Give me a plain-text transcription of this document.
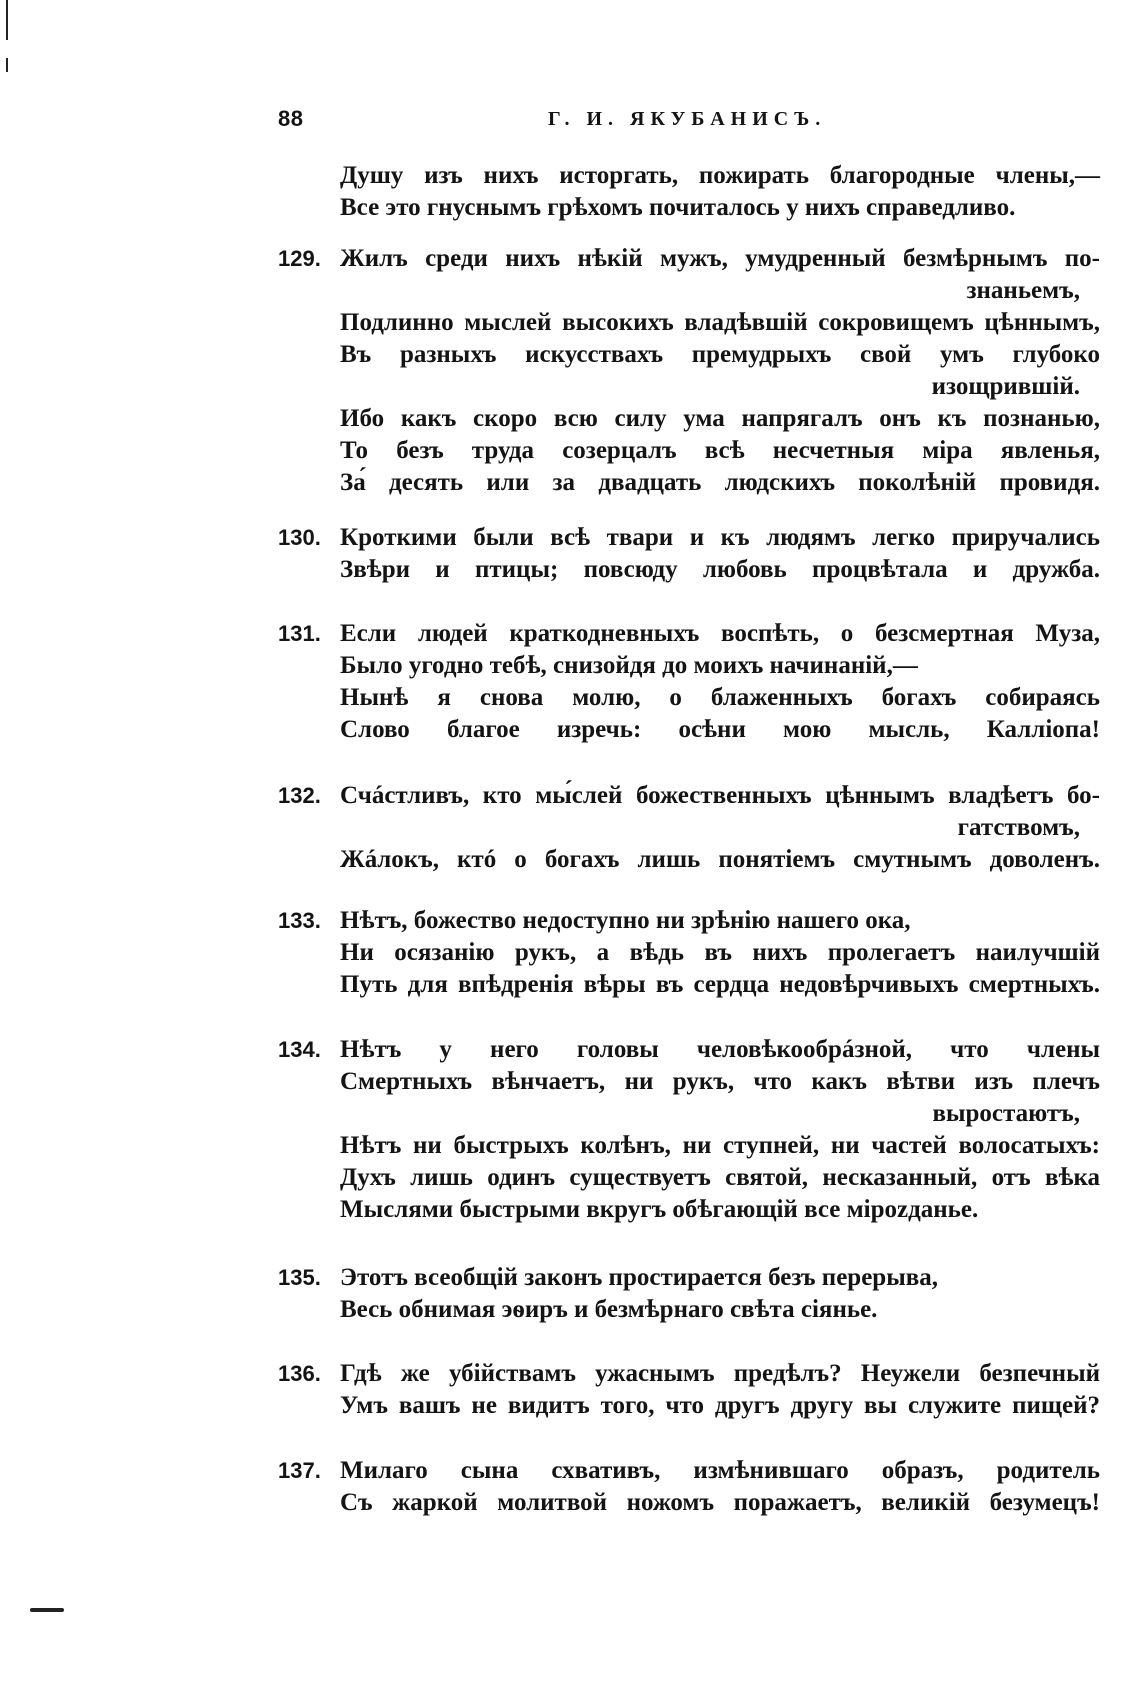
88	Г. И. ЯКУБАНИСЪ.
Душу изъ нихъ исторгать, пожирать благородные члены,—
Все это гнуснымъ грѣхомъ почиталось у нихъ справедливо.
129. Жилъ среди нихъ нѣкій мужъ, умудренный безмѣрнымъ по-
знаньемъ,
Подлинно мыслей высокихъ владѣвшій сокровищемъ цѣннымъ,
Въ разныхъ искусствахъ премудрыхъ свой умъ глубоко
изощрившій.
Ибо какъ скоро всю силу ума напрягалъ онъ къ познанью,
То безъ труда созерцалъ всѣ несчетныя міра явленья,
За́ десять или за двадцать людскихъ поколѣній провидя.
130. Кроткими были всѣ твари и къ людямъ легко приручались
Звѣри и птицы; повсюду любовь процвѣтала и дружба.
131. Если людей краткодневныхъ воспѣть, о безсмертная Муза,
Было угодно тебѣ, снизойдя до моихъ начинаній,—
Нынѣ я снова молю, о блаженныхъ богахъ собираясь
Слово благое изречь: осѣни мою мысль, Калліопа!
132. Счáстливъ, кто мы́слей божественныхъ цѣннымъ владѣетъ бо-
гатствомъ,
Жáлокъ, ктó о богахъ лишь понятіемъ смутнымъ доволенъ.
133. Нѣтъ, божество недоступно ни зрѣнію нашего ока,
Ни осязанію рукъ, а вѣдь въ нихъ пролегаетъ наилучшій
Путь для впѣдренія вѣры въ сердца недовѣрчивыхъ смертныхъ.
134. Нѣтъ у него головы человѣкообрáзной, что члены
Смертныхъ вѣнчаетъ, ни рукъ, что какъ вѣтви изъ плечъ
выростаютъ,
Нѣтъ ни быстрыхъ колѣнъ, ни ступней, ни частей волосатыхъ:
Духъ лишь одинъ существуетъ святой, несказанный, отъ вѣка
Мыслями быстрыми вкругъ обѣгающій все міроzданье.
135. Этотъ всеобщій законъ простирается безъ перерыва,
Весь обнимая эѳиръ и безмѣрнаго свѣта сіянье.
136. Гдѣ же убійствамъ ужаснымъ предѣлъ? Неужели безпечный
Умъ вашъ не видитъ того, что другъ другу вы служите пищей?
137. Милаго сына схвативъ, измѣнившаго образъ, родитель
Съ жаркой молитвой ножомъ поражаетъ, великій безумецъ!
